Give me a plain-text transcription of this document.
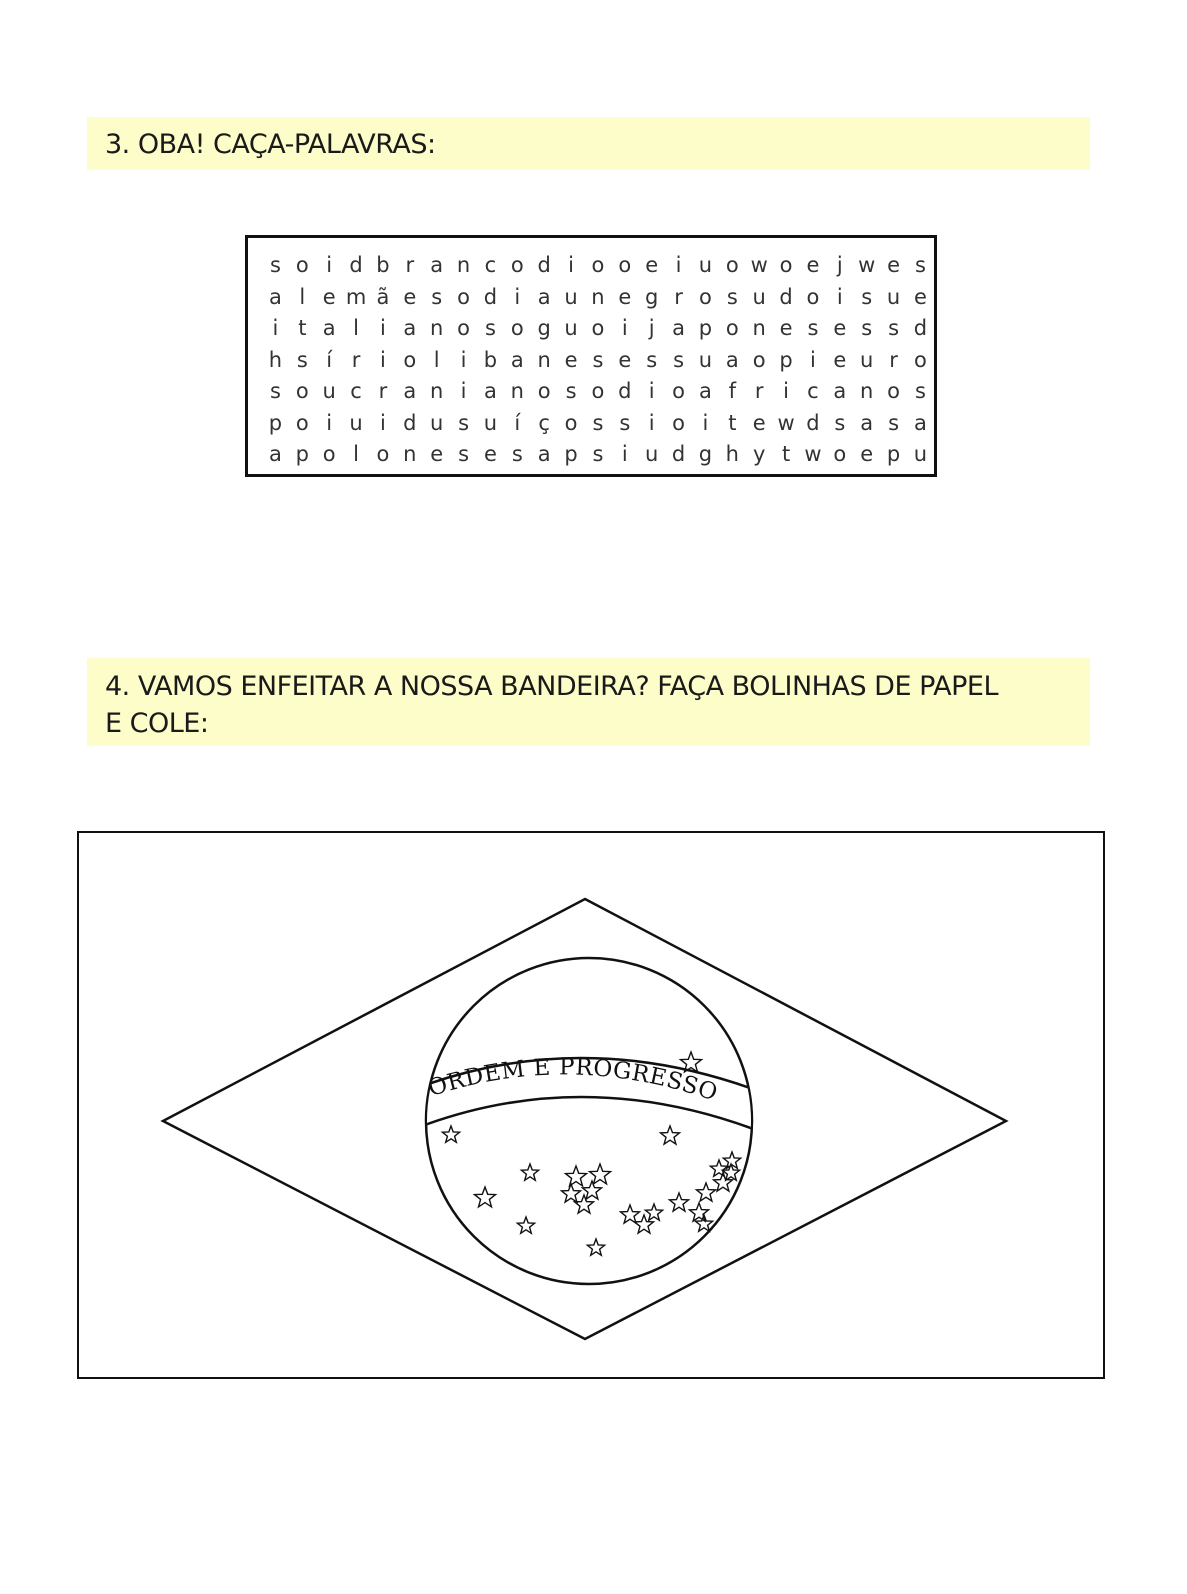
3. OBA! CAÇA-PALAVRAS:
s o i d b r a n c o d i o o e i u o w o e j w e s
a l e m ã e s o d i a u n e g r o s u d o i s u e
i t a l	i a n o s o g u o i	j a p o n e s e s s d
h s í r i o l	i b a n e s e s s u a o p i e u r o
s o u c r a n i a n o s o d i o a f r i c a n o s
p o i u i d u s u í ç o s s i o i t e w d s a s a
a p o l o n e s e s a p s i u d g h y t w o e p u
4. VAMOS ENFEITAR A NOSSA BANDEIRA? FAÇA BOLINHAS DE PAPEL
E COLE:
ORDEM E PROGRESSO
